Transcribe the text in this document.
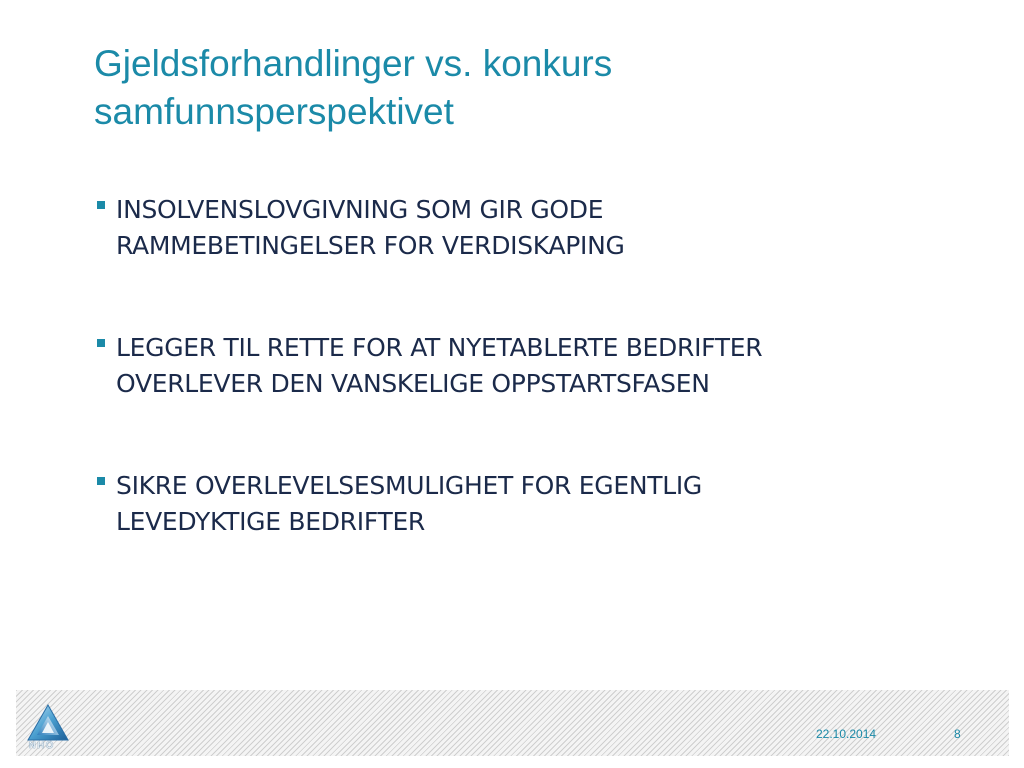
Gjeldsforhandlinger vs. konkurs
samfunnsperspektivet
INSOLVENSLOVGIVNING SOM GIR GODE
RAMMEBETINGELSER FOR VERDISKAPING
LEGGER TIL RETTE FOR AT NYETABLERTE BEDRIFTER
OVERLEVER DEN VANSKELIGE OPPSTARTSFASEN
SIKRE OVERLEVELSESMULIGHET FOR EGENTLIG
LEVEDYKTIGE BEDRIFTER
NHO
22.10.2014	8
